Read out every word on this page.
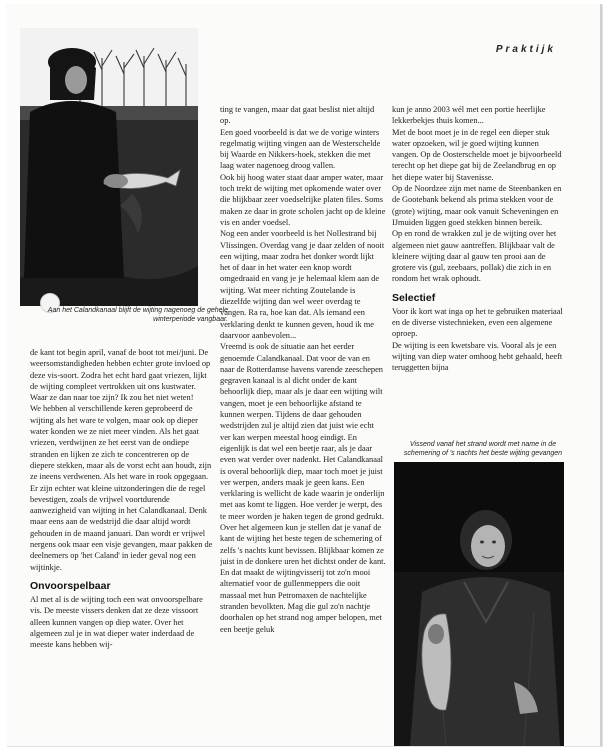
Praktijk
Aan het Calandkanaal blijft de wijting nagenoeg de gehele winterperiode vangbaar.

de kant tot begin april, vanaf de boot tot mei/juni. De weersomstandigheden hebben echter grote invloed op deze vis-soort. Zodra het echt hard gaat vriezen, lijkt de wijting compleet vertrokken uit ons kustwater. Waar ze dan naar toe zijn? Ik zou het niet weten!

We hebben al verschillende keren geprobeerd de wijting als het ware te volgen, maar ook op dieper water konden we ze niet meer vinden. Als het gaat vriezen, verdwijnen ze het eerst van de ondiepe stranden en lijken ze zich te concentreren op de diepere stekken, maar als de vorst echt aan houdt, zijn ze ineens verdwenen. Als het ware in rook opgegaan.

Er zijn echter wat kleine uitzonderingen die de regel bevestigen, zoals de vrijwel voortdurende aanwezigheid van wijting in het Calandkanaal. Denk maar eens aan de wedstrijd die daar altijd wordt gehouden in de maand januari. Dan wordt er vrijwel nergens ook maar een visje gevangen, maar pakken de deelnemers op 'het Caland' in ieder geval nog een wijtinkje.

Onvoorspelbaar

Al met al is de wijting toch een wat onvoorspelbare vis. De meeste vissers denken dat ze deze vissoort alleen kunnen vangen op diep water. Over het algemeen zul je in wat dieper water inderdaad de meeste kans hebben wij-

ting te vangen, maar dat gaat beslist niet altijd op.

Een goed voorbeeld is dat we de vorige winters regelmatig wijting vingen aan de Westerschelde bij Waarde en Nikkers-hoek, stekken die met laag water nagenoeg droog vallen.

Ook bij hoog water staat daar amper water, maar toch trekt de wijting met opkomende water over die blijkbaar zeer voedselrijke platen files. Soms maken ze daar in grote scholen jacht op de kleine vis en ander voedsel.

Nog een ander voorbeeld is het Nollestrand bij Vlissingen. Overdag vang je daar zelden of nooit een wijting, maar zodra het donker wordt lijkt het of daar in het water een knop wordt omgedraaid en vang je je helemaal klem aan de wijting. Wat meer richting Zoutelande is diezelfde wijting dan wel weer overdag te vangen. Ra ra, hoe kan dat. Als iemand een verklaring denkt te kunnen geven, houd ik me daarvoor aanbevolen...

Vreemd is ook de situatie aan het eerder genoemde Calandkanaal. Dat voor de van en naar de Rotterdamse havens varende zeeschepen gegraven kanaal is al dicht onder de kant behoorlijk diep, maar als je daar een wijting wilt vangen, moet je een behoorlijke afstand te kunnen werpen. Tijdens de daar gehouden wedstrijden zul je altijd zien dat juist wie echt ver kan werpen meestal hoog eindigt. En eigenlijk is dat wel een beetje raar, als je daar even wat verder over nadenkt. Het Calandkanaal is overal behoorlijk diep, maar toch moet je juist ver werpen, anders maak je geen kans. Een verklaring is wellicht de kade waarin je onderlijn met aas komt te liggen. Hoe verder je werpt, des te meer worden je haken tegen de grond gedrukt.

Over het algemeen kun je stellen dat je vanaf de kant de wijting het beste tegen de schemering of zelfs 's nachts kunt bevissen. Blijkbaar komen ze juist in de donkere uren het dichtst onder de kant. En dat maakt de wijtingvisserij tot zo'n mooi alternatief voor de gullenmeppers die ooit massaal met hun Petromaxen de nachtelijke stranden bevolkten. Mag die gul zo'n nachtje doorhalen op het strand nog amper belopen, met een beetje geluk

kun je anno 2003 wél met een portie heerlijke lekkerbekjes thuis komen...

Met de boot moet je in de regel een dieper stuk water opzoeken, wil je goed wijting kunnen vangen. Op de Oosterschelde moet je bijvoorbeeld terecht op het diepe gat bij de Zeelandbrug en op het diepe water bij Stavenisse.

Op de Noordzee zijn met name de Steenbanken en de Gootebank bekend als prima stekken voor de (grote) wijting, maar ook vanuit Scheveningen en IJmuiden liggen goed stekken binnen bereik.

Op en rond de wrakken zul je de wijting over het algemeen niet gauw aantreffen. Blijkbaar valt de kleinere wijting daar al gauw ten prooi aan de grotere vis (gul, zeebaars, pollak) die zich in en rondom het wrak ophoudt.

Selectief

Voor ik kort wat inga op het te gebruiken materiaal en de diverse vistechnieken, even een algemene oproep.

De wijting is een kwetsbare vis. Vooral als je een wijting van diep water omhoog hebt gehaald, heeft teruggetten bijna

Vissend vanaf het strand wordt met name in de schemering of 's nachts het beste wijting gevangen
